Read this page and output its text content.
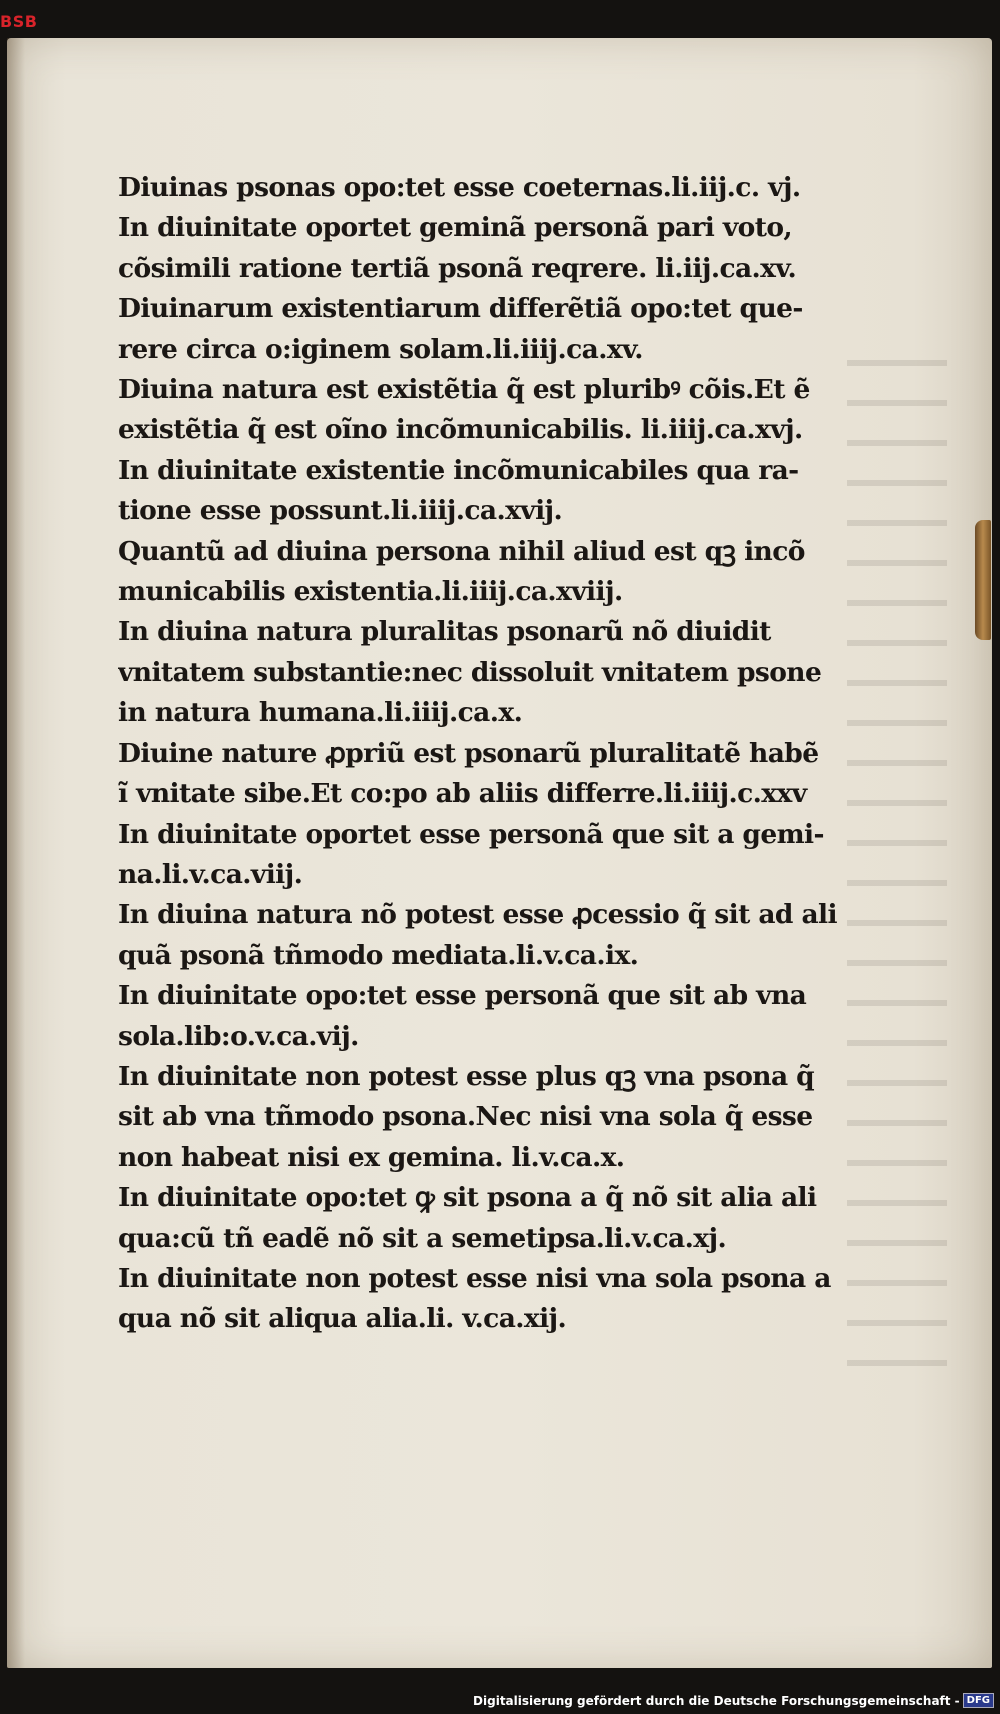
BSB
Diuinas psonas opo:tet esse coeternas.li.iij.c. vj.
In diuinitate oportet geminã personã pari voto,
cõsimili ratione tertiã psonã reqrere. li.iij.ca.xv.
Diuinarum existentiarum differẽtiã opo:tet que-
rere circa o:iginem solam.li.iiij.ca.xv.
Diuina natura est existẽtia q̃ est pluribꝰ cõis.Et ẽ
existẽtia q̃ est oĩno incõmunicabilis. li.iiij.ca.xvj.
In diuinitate existentie incõmunicabiles qua ra-
tione esse possunt.li.iiij.ca.xvij.
Quantũ ad diuina persona nihil aliud est qꝫ incõ
municabilis existentia.li.iiij.ca.xviij.
In diuina natura pluralitas psonarũ nõ diuidit
vnitatem substantie:nec dissoluit vnitatem psone
in natura humana.li.iiij.ca.x.
Diuine nature ꝓpriũ est psonarũ pluralitatẽ habẽ
ĩ vnitate sibe.Et co:po ab aliis differre.li.iiij.c.xxv
In diuinitate oportet esse personã que sit a gemi-
na.li.v.ca.viij.
In diuina natura nõ potest esse ꝓcessio q̃ sit ad ali
quã psonã tñmodo mediata.li.v.ca.ix.
In diuinitate opo:tet esse personã que sit ab vna
sola.lib:o.v.ca.vij.
In diuinitate non potest esse plus qꝫ vna psona q̃
sit ab vna tñmodo psona.Nec nisi vna sola q̃ esse
non habeat nisi ex gemina. li.v.ca.x.
In diuinitate opo:tet ꝙ sit psona a q̃ nõ sit alia ali
qua:cũ tñ eadẽ nõ sit a semetipsa.li.v.ca.xj.
In diuinitate non potest esse nisi vna sola psona a
qua nõ sit aliqua alia.li. v.ca.xij.
Digitalisierung gefördert durch die Deutsche Forschungsgemeinschaft - DFG
